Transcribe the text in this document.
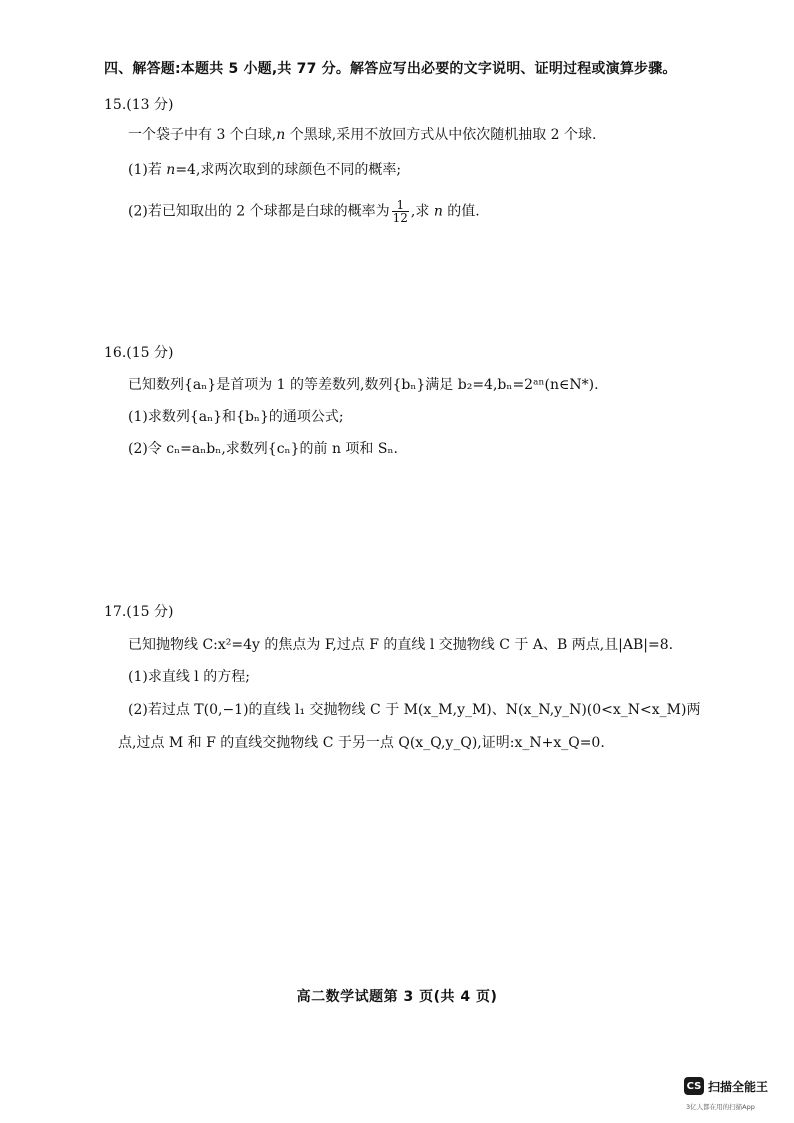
四、解答题:本题共 5 小题,共 77 分。解答应写出必要的文字说明、证明过程或演算步骤。
15.(13 分)
一个袋子中有 3 个白球,n 个黑球,采用不放回方式从中依次随机抽取 2 个球.
(1)若 n=4,求两次取到的球颜色不同的概率;
(2)若已知取出的 2 个球都是白球的概率为 $\frac{1}{12}$ ,求 n 的值.
16.(15 分)
已知数列{aₙ}是首项为 1 的等差数列,数列{bₙ}满足 b₂=4,bₙ=2ᵃⁿ(n∈N*).
(1)求数列{aₙ}和{bₙ}的通项公式;
(2)令 cₙ=aₙbₙ,求数列{cₙ}的前 n 项和 Sₙ.
17.(15 分)
已知抛物线 C:x²=4y 的焦点为 F,过点 F 的直线 l 交抛物线 C 于 A、B 两点,且|AB|=8.
(1)求直线 l 的方程;
(2)若过点 T(0,−1)的直线 l₁ 交抛物线 C 于 M(x_M,y_M)、N(x_N,y_N)(0<x_N<x_M)两
点,过点 M 和 F 的直线交抛物线 C 于另一点 Q(x_Q,y_Q),证明:x_N+x_Q=0.
高二数学试题第 3 页(共 4 页)
CS 扫描全能王
3亿人都在用的扫描App
